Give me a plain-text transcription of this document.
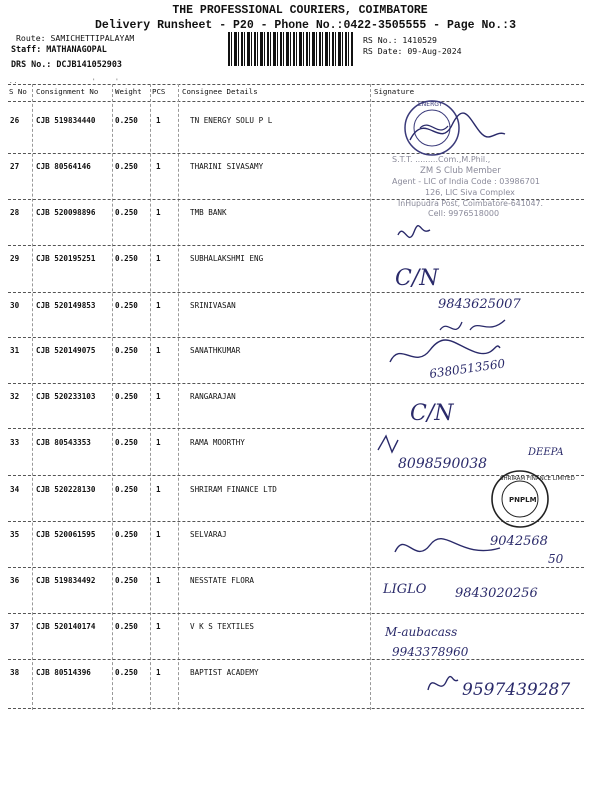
THE PROFESSIONAL COURIERS, COIMBATORE
Delivery Runsheet - P20 - Phone No.:0422-3505555 - Page No.:3
Route: SAMICHETTIPALAYAM
Staff: MATHANAGOPAL
DRS No.: DCJB141052903
RS No.: 1410529
RS Date: 09-Aug-2024
..                '    '
S No Consignment No Weight PCS Consignee Details	Signature
26 CJB 519834440	0.250 1	TN ENERGY SOLU P L
27 CJB 80564146	0.250 1	THARINI SIVASAMY
28 CJB 520098896	0.250 1	TMB BANK
29 CJB 520195251	0.250 1	SUBHALAKSHMI ENG
30 CJB 520149853	0.250 1	SRINIVASAN
31 CJB 520149075	0.250 1	SANATHKUMAR
32 CJB 520233103	0.250 1	RANGARAJAN
33 CJB 80543353	0.250 1	RAMA MOORTHY
34 CJB 520228130	0.250 1	SHRIRAM FINANCE LTD
35 CJB 520061595	0.250 1	SELVARAJ
36 CJB 519834492	0.250 1	NESSTATE FLORA
37 CJB 520140174	0.250 1	V K S TEXTILES
38 CJB 80514396	0.250 1	BAPTIST ACADEMY
ENERGY
S.T.T. .........Com.,M.Phil.,
ZM S Club Member
Agent - LIC of India Code : 03986701
126, LIC Siva Complex
InHupudra Post, Coimbatore-641047.
Cell: 9976518000
C/N
9843625007
6380513560
C/N
8098590038
DEEPA
SHRIRAM FINANCE LIMITED
PNPLM
9042568
50
LIGLO 9843020256
M-aubacass
9943378960
9597439287
